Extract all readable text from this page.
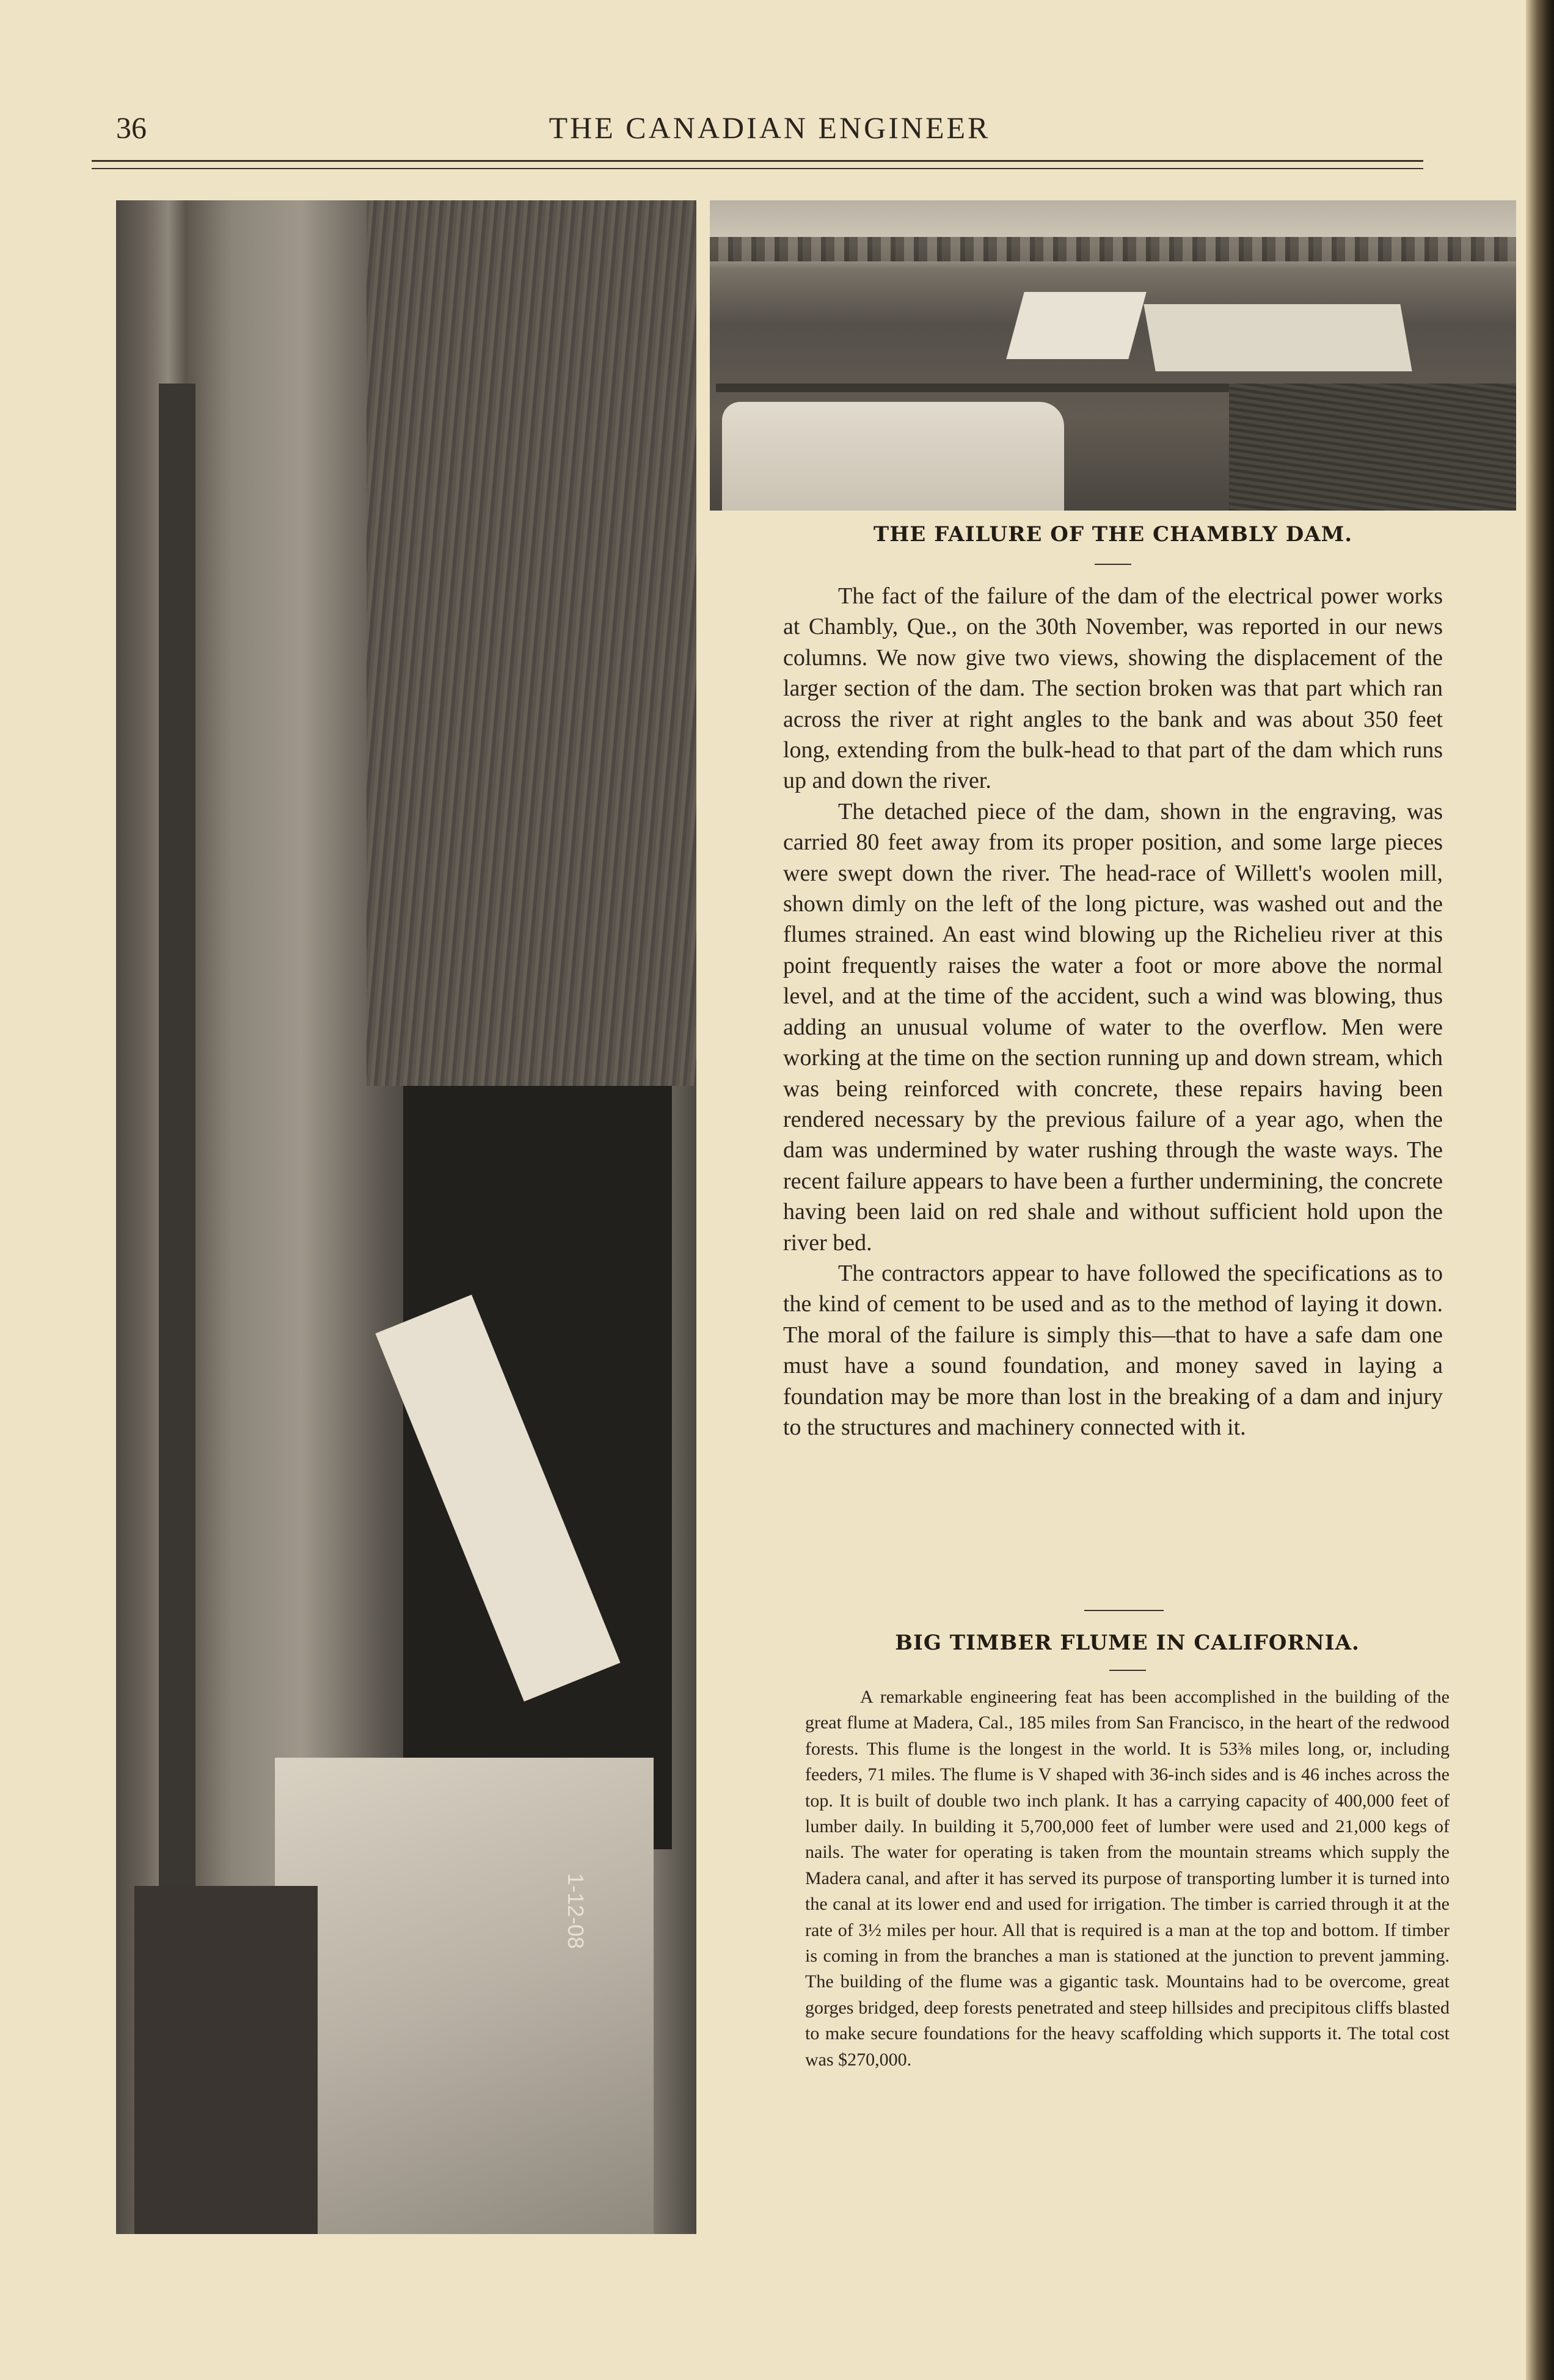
36	THE CANADIAN ENGINEER
1-12-08
THE FAILURE OF THE CHAMBLY DAM.

The fact of the failure of the dam of the electrical power works at Chambly, Que., on the 30th November, was reported in our news columns. We now give two views, showing the displacement of the larger section of the dam. The section broken was that part which ran across the river at right angles to the bank and was about 350 feet long, extending from the bulk-head to that part of the dam which runs up and down the river.

The detached piece of the dam, shown in the engraving, was carried 80 feet away from its proper position, and some large pieces were swept down the river. The head-race of Willett's woolen mill, shown dimly on the left of the long picture, was washed out and the flumes strained. An east wind blowing up the Richelieu river at this point frequently raises the water a foot or more above the normal level, and at the time of the accident, such a wind was blowing, thus adding an unusual volume of water to the overflow. Men were working at the time on the section running up and down stream, which was being reinforced with concrete, these repairs having been rendered necessary by the previous failure of a year ago, when the dam was undermined by water rushing through the waste ways. The recent failure appears to have been a further undermining, the concrete having been laid on red shale and without sufficient hold upon the river bed.

The contractors appear to have followed the specifications as to the kind of cement to be used and as to the method of laying it down. The moral of the failure is simply this—that to have a safe dam one must have a sound foundation, and money saved in laying a foundation may be more than lost in the breaking of a dam and injury to the structures and machinery connected with it.

BIG TIMBER FLUME IN CALIFORNIA.

A remarkable engineering feat has been accomplished in the building of the great flume at Madera, Cal., 185 miles from San Francisco, in the heart of the redwood forests. This flume is the longest in the world. It is 53⅜ miles long, or, including feeders, 71 miles. The flume is V shaped with 36-inch sides and is 46 inches across the top. It is built of double two inch plank. It has a carrying capacity of 400,000 feet of lumber daily. In building it 5,700,000 feet of lumber were used and 21,000 kegs of nails. The water for operating is taken from the mountain streams which supply the Madera canal, and after it has served its purpose of transporting lumber it is turned into the canal at its lower end and used for irrigation. The timber is carried through it at the rate of 3½ miles per hour. All that is required is a man at the top and bottom. If timber is coming in from the branches a man is stationed at the junction to prevent jamming. The building of the flume was a gigantic task. Mountains had to be overcome, great gorges bridged, deep forests penetrated and steep hillsides and precipitous cliffs blasted to make secure foundations for the heavy scaffolding which supports it. The total cost was $270,000.
